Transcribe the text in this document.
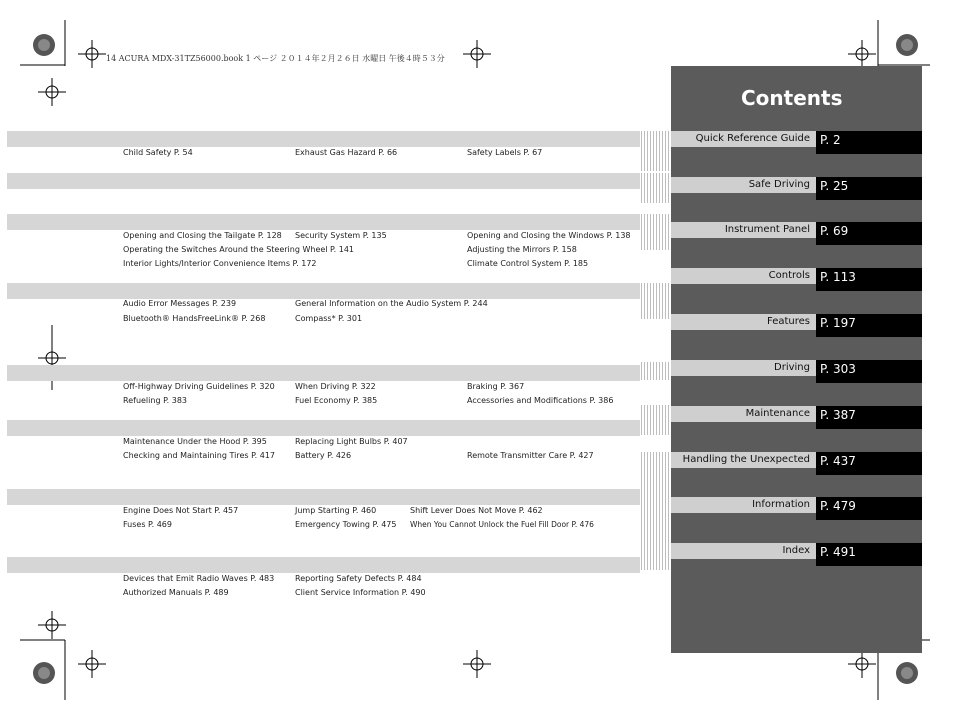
14 ACURA MDX-31TZ56000.book 1 ページ ２０１４年２月２６日 水曜日 午後４時５３分
Child Safety P. 54	Exhaust Gas Hazard P. 66	Safety Labels P. 67
Opening and Closing the Tailgate P. 128 Security System P. 135	Opening and Closing the Windows P. 138
Operating the Switches Around the Steering Wheel P. 141	Adjusting the Mirrors P. 158
Interior Lights/Interior Convenience Items P. 172	Climate Control System P. 185
Audio Error Messages P. 239	General Information on the Audio System P. 244
Bluetooth® HandsFreeLink® P. 268	Compass* P. 301
Off-Highway Driving Guidelines P. 320	When Driving P. 322	Braking P. 367
Refueling P. 383	Fuel Economy P. 385	Accessories and Modifications P. 386
Maintenance Under the Hood P. 395	Replacing Light Bulbs P. 407
Checking and Maintaining Tires P. 417 Battery P. 426	Remote Transmitter Care P. 427
Engine Does Not Start P. 457	Jump Starting P. 460	Shift Lever Does Not Move P. 462
Fuses P. 469	Emergency Towing P. 475 When You Cannot Unlock the Fuel Fill Door P. 476
Devices that Emit Radio Waves P. 483	Reporting Safety Defects P. 484
Authorized Manuals P. 489	Client Service Information P. 490
Contents
Quick Reference Guide P. 2
Safe Driving P. 25
Instrument Panel P. 69
Controls P. 113
Features P. 197
Driving P. 303
Maintenance P. 387
Handling the Unexpected P. 437
Information P. 479
Index P. 491
